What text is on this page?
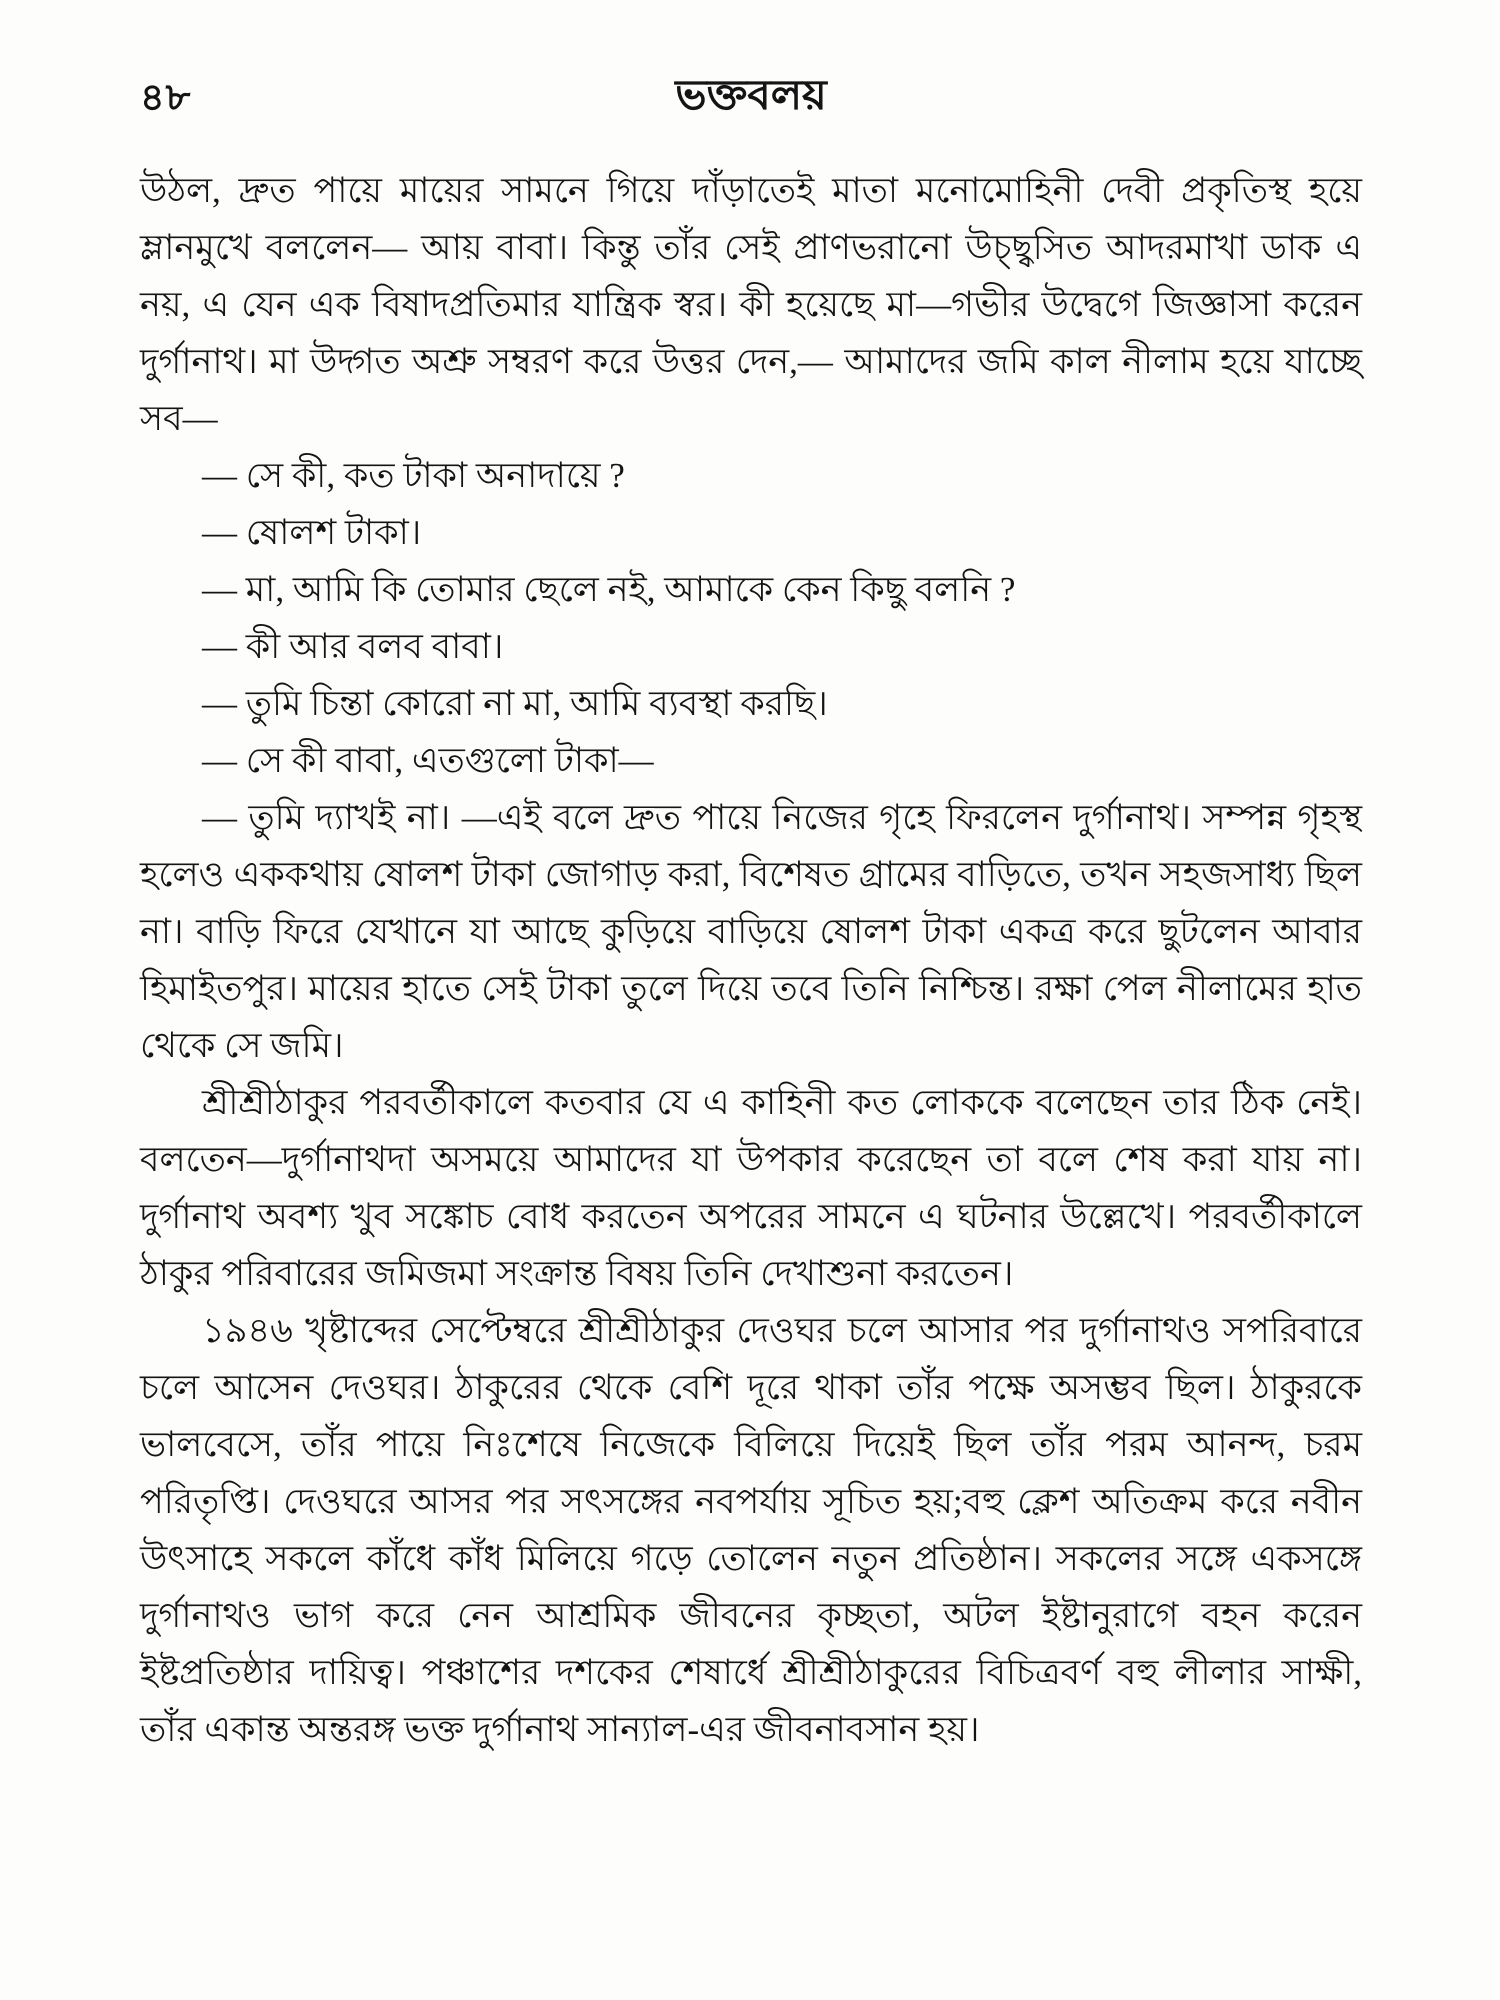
৪৮	ভক্তবলয়

উঠল, দ্রুত পায়ে মায়ের সামনে গিয়ে দাঁড়াতেই মাতা মনোমোহিনী দেবী প্রকৃতিস্থ হয়ে ম্লানমুখে বললেন— আয় বাবা। কিন্তু তাঁর সেই প্রাণভরানো উচ্ছ্বসিত আদরমাখা ডাক এ নয়, এ যেন এক বিষাদপ্রতিমার যান্ত্রিক স্বর। কী হয়েছে মা—গভীর উদ্বেগে জিজ্ঞাসা করেন দুর্গানাথ। মা উদ্গত অশ্রু সম্বরণ করে উত্তর দেন,— আমাদের জমি কাল নীলাম হয়ে যাচ্ছে সব—

— সে কী, কত টাকা অনাদায়ে ?

— ষোলশ টাকা।

— মা, আমি কি তোমার ছেলে নই, আমাকে কেন কিছু বলনি ?

— কী আর বলব বাবা।

— তুমি চিন্তা কোরো না মা, আমি ব্যবস্থা করছি।

— সে কী বাবা, এতগুলো টাকা—

— তুমি দ্যাখই না। —এই বলে দ্রুত পায়ে নিজের গৃহে ফিরলেন দুর্গানাথ। সম্পন্ন গৃহস্থ হলেও এককথায় ষোলশ টাকা জোগাড় করা, বিশেষত গ্রামের বাড়িতে, তখন সহজসাধ্য ছিল না। বাড়ি ফিরে যেখানে যা আছে কুড়িয়ে বাড়িয়ে ষোলশ টাকা একত্র করে ছুটলেন আবার হিমাইতপুর। মায়ের হাতে সেই টাকা তুলে দিয়ে তবে তিনি নিশ্চিন্ত। রক্ষা পেল নীলামের হাত থেকে সে জমি।

শ্রীশ্রীঠাকুর পরবর্তীকালে কতবার যে এ কাহিনী কত লোককে বলেছেন তার ঠিক নেই। বলতেন—দুর্গানাথদা অসময়ে আমাদের যা উপকার করেছেন তা বলে শেষ করা যায় না। দুর্গানাথ অবশ্য খুব সঙ্কোচ বোধ করতেন অপরের সামনে এ ঘটনার উল্লেখে। পরবর্তীকালে ঠাকুর পরিবারের জমিজমা সংক্রান্ত বিষয় তিনি দেখাশুনা করতেন।

১৯৪৬ খৃষ্টাব্দের সেপ্টেম্বরে শ্রীশ্রীঠাকুর দেওঘর চলে আসার পর দুর্গানাথও সপরিবারে চলে আসেন দেওঘর। ঠাকুরের থেকে বেশি দূরে থাকা তাঁর পক্ষে অসম্ভব ছিল। ঠাকুরকে ভালবেসে, তাঁর পায়ে নিঃশেষে নিজেকে বিলিয়ে দিয়েই ছিল তাঁর পরম আনন্দ, চরম পরিতৃপ্তি। দেওঘরে আসর পর সৎসঙ্গের নবপর্যায় সূচিত হয়;বহু ক্লেশ অতিক্রম করে নবীন উৎসাহে সকলে কাঁধে কাঁধ মিলিয়ে গড়ে তোলেন নতুন প্রতিষ্ঠান। সকলের সঙ্গে একসঙ্গে দুর্গানাথও ভাগ করে নেন আশ্রমিক জীবনের কৃচ্ছতা, অটল ইষ্টানুরাগে বহন করেন ইষ্টপ্রতিষ্ঠার দায়িত্ব। পঞ্চাশের দশকের শেষার্ধে শ্রীশ্রীঠাকুরের বিচিত্রবর্ণ বহু লীলার সাক্ষী, তাঁর একান্ত অন্তরঙ্গ ভক্ত দুর্গানাথ সান্যাল-এর জীবনাবসান হয়।
